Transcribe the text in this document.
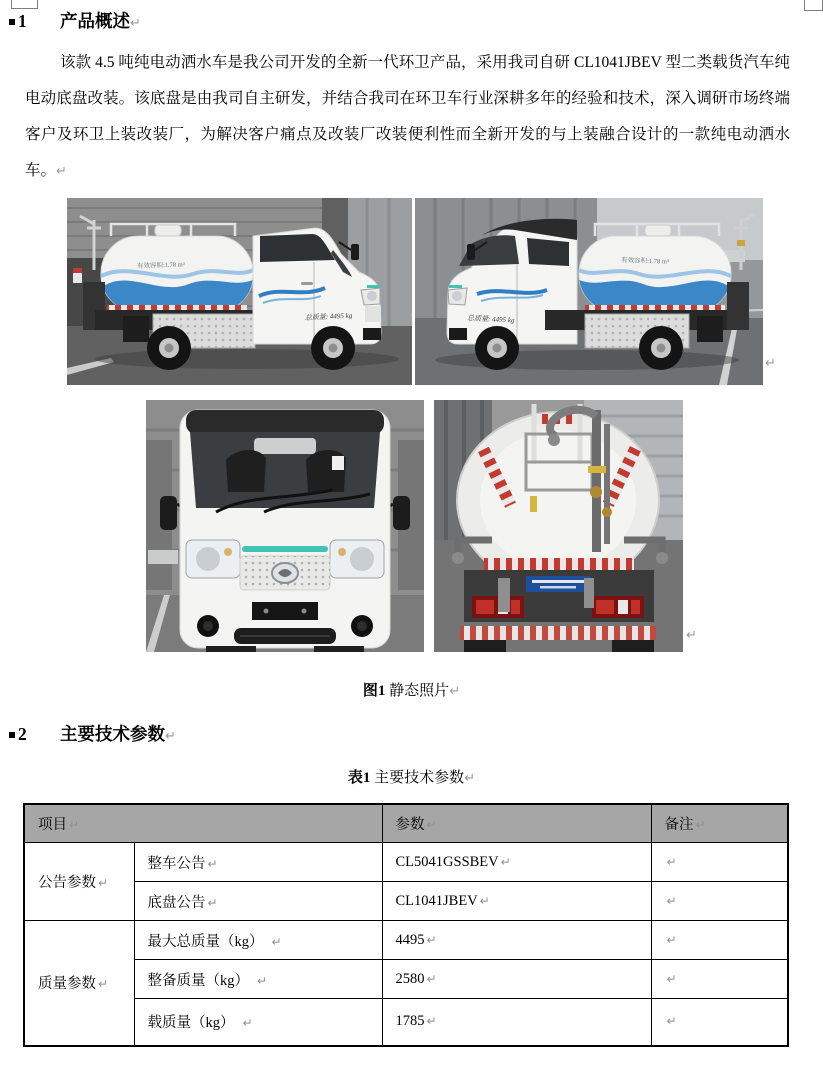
1 产品概述↵

该款 4.5 吨纯电动洒水车是我公司开发的全新一代环卫产品，采用我司自研 CL1041JBEV 型二类载货汽车纯电动底盘改装。该底盘是由我司自主研发，并结合我司在环卫车行业深耕多年的经验和技术，深入调研市场终端客户及环卫上装改装厂，为解决客户痛点及改装厂改装便利性而全新开发的与上装融合设计的一款纯电动洒水车。↵

有效容积:1.78 m³
总质量: 4495 kg	总质量: 4495 kg
有效容积:1.78 m³
↵
↵
图1 静态照片↵
2 主要技术参数↵
表1 主要技术参数↵
项目 ↵		参数 ↵	备注 ↵
公告参数 ↵	整车公告 ↵	CL5041GSSBEV ↵	↵
	底盘公告 ↵	CL1041JBEV ↵	↵
质量参数 ↵	最大总质量（kg） ↵	4495 ↵	↵
	整备质量（kg） ↵	2580 ↵	↵
	载质量（kg） ↵	1785 ↵	↵
